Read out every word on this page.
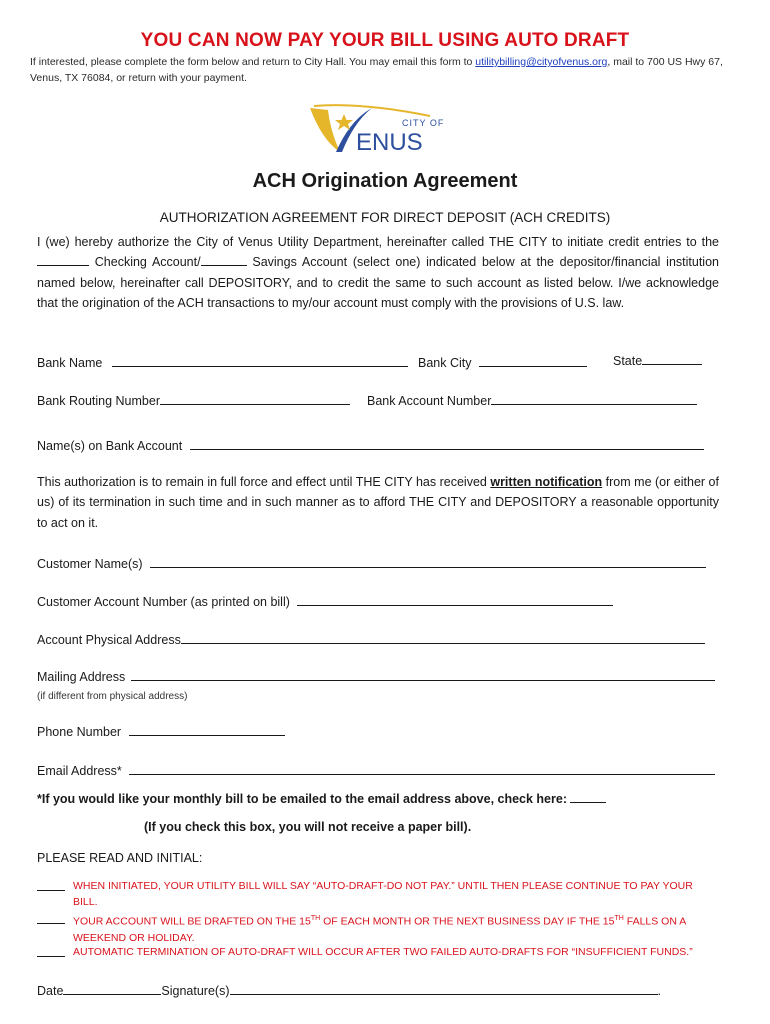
YOU CAN NOW PAY YOUR BILL USING AUTO DRAFT
If interested, please complete the form below and return to City Hall. You may email this form to utilitybilling@cityofvenus.org, mail to 700 US Hwy 67, Venus, TX 76084, or return with your payment.
CITY OF
ENUS
ACH Origination Agreement
AUTHORIZATION AGREEMENT FOR DIRECT DEPOSIT (ACH CREDITS)
I (we) hereby authorize the City of Venus Utility Department, hereinafter called THE CITY to initiate credit entries to the  Checking Account/	Savings Account (select one) indicated below at the depositor/financial institution named below, hereinafter call DEPOSITORY, and to credit the same to such account as listed below. I/we acknowledge that the origination of the ACH transactions to my/our account must comply with the provisions of U.S. law.
Bank Name	Bank City	State
Bank Routing Number	Bank Account Number
Name(s) on Bank Account
This authorization is to remain in full force and effect until THE CITY has received written notification from me (or either of us) of its termination in such time and in such manner as to afford THE CITY and DEPOSITORY a reasonable opportunity to act on it.
Customer Name(s)
Customer Account Number (as printed on bill)
Account Physical Address
Mailing Address
(if different from physical address)
Phone Number
Email Address*
*If you would like your monthly bill to be emailed to the email address above, check here:
(If you check this box, you will not receive a paper bill).
PLEASE READ AND INITIAL:
WHEN INITIATED, YOUR UTILITY BILL WILL SAY “AUTO-DRAFT-DO NOT PAY.” UNTIL THEN PLEASE CONTINUE TO PAY YOUR BILL.
YOUR ACCOUNT WILL BE DRAFTED ON THE 15TH OF EACH MONTH OR THE NEXT BUSINESS DAY IF THE 15TH FALLS ON A WEEKEND OR HOLIDAY.
AUTOMATIC TERMINATION OF AUTO-DRAFT WILL OCCUR AFTER TWO FAILED AUTO-DRAFTS FOR “INSUFFICIENT FUNDS.”
Date	Signature(s)	.
